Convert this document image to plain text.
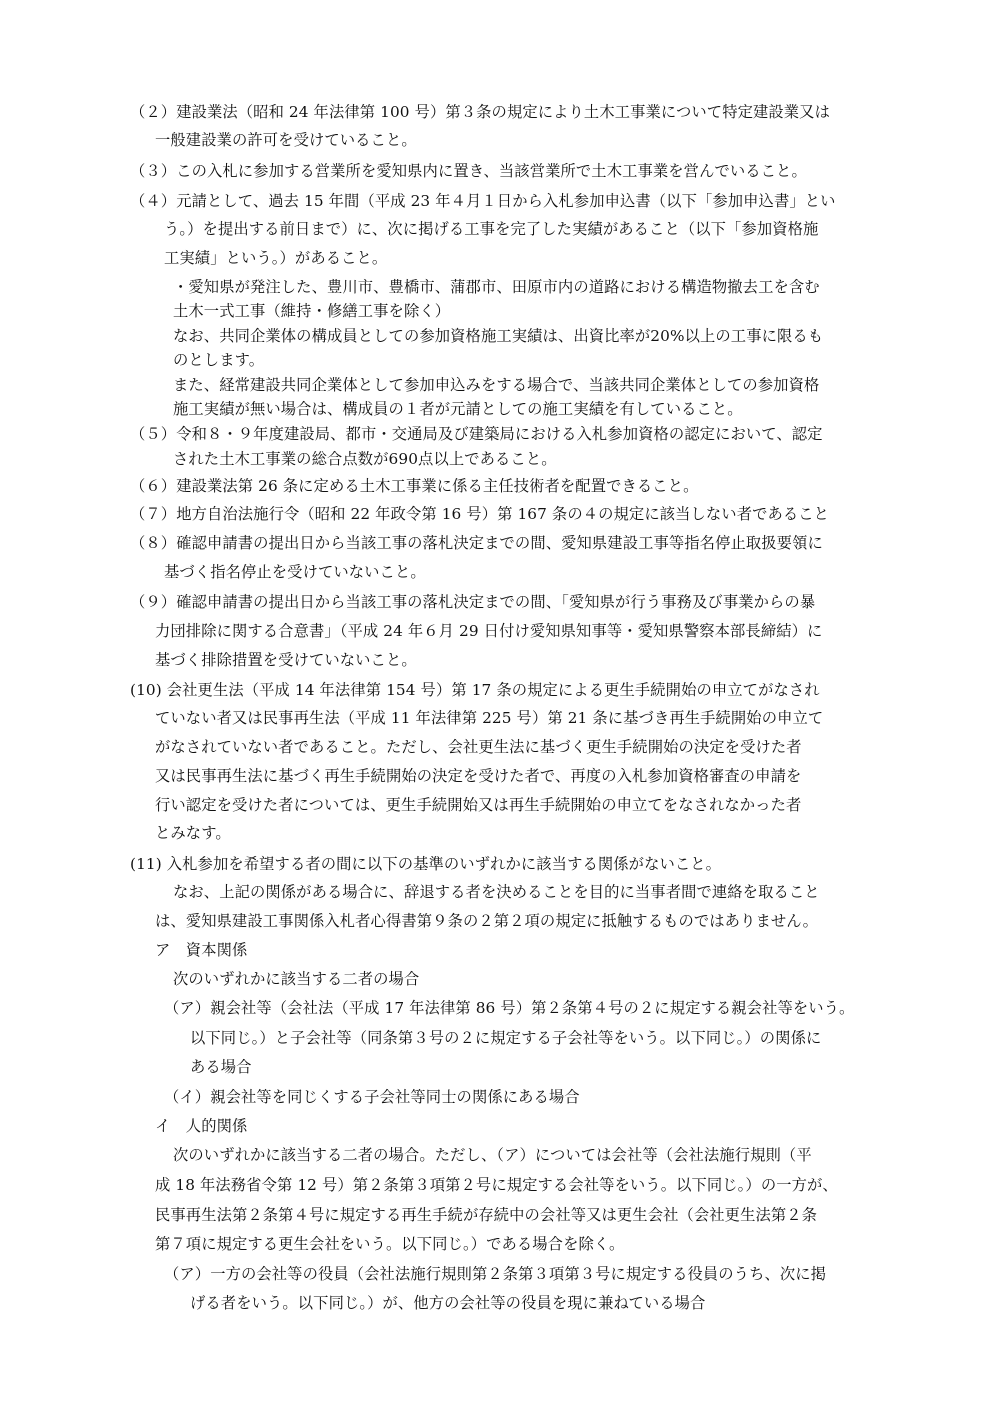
（２）建設業法（昭和 24 年法律第 100 号）第３条の規定により土木工事業について特定建設業又は
一般建設業の許可を受けていること。
（３）この入札に参加する営業所を愛知県内に置き、当該営業所で土木工事業を営んでいること。
（４）元請として、過去 15 年間（平成 23 年４月１日から入札参加申込書（以下「参加申込書」とい
う。）を提出する前日まで）に、次に掲げる工事を完了した実績があること（以下「参加資格施
工実績」という。）があること。
・愛知県が発注した、豊川市、豊橋市、蒲郡市、田原市内の道路における構造物撤去工を含む
土木一式工事（維持・修繕工事を除く）
なお、共同企業体の構成員としての参加資格施工実績は、出資比率が20%以上の工事に限るも
のとします。
また、経常建設共同企業体として参加申込みをする場合で、当該共同企業体としての参加資格
施工実績が無い場合は、構成員の１者が元請としての施工実績を有していること。
（５）令和８・９年度建設局、都市・交通局及び建築局における入札参加資格の認定において、認定
された土木工事業の総合点数が690点以上であること。
（６）建設業法第 26 条に定める土木工事業に係る主任技術者を配置できること。
（７）地方自治法施行令（昭和 22 年政令第 16 号）第 167 条の４の規定に該当しない者であること
（８）確認申請書の提出日から当該工事の落札決定までの間、愛知県建設工事等指名停止取扱要領に
基づく指名停止を受けていないこと。
（９）確認申請書の提出日から当該工事の落札決定までの間、「愛知県が行う事務及び事業からの暴
力団排除に関する合意書」（平成 24 年６月 29 日付け愛知県知事等・愛知県警察本部長締結）に
基づく排除措置を受けていないこと。
(10) 会社更生法（平成 14 年法律第 154 号）第 17 条の規定による更生手続開始の申立てがなされ
ていない者又は民事再生法（平成 11 年法律第 225 号）第 21 条に基づき再生手続開始の申立て
がなされていない者であること。ただし、会社更生法に基づく更生手続開始の決定を受けた者
又は民事再生法に基づく再生手続開始の決定を受けた者で、再度の入札参加資格審査の申請を
行い認定を受けた者については、更生手続開始又は再生手続開始の申立てをなされなかった者
とみなす。
(11) 入札参加を希望する者の間に以下の基準のいずれかに該当する関係がないこと。
なお、上記の関係がある場合に、辞退する者を決めることを目的に当事者間で連絡を取ること
は、愛知県建設工事関係入札者心得書第９条の２第２項の規定に抵触するものではありません。
ア　資本関係
次のいずれかに該当する二者の場合
（ア）親会社等（会社法（平成 17 年法律第 86 号）第２条第４号の２に規定する親会社等をいう。
以下同じ。）と子会社等（同条第３号の２に規定する子会社等をいう。以下同じ。）の関係に
ある場合
（イ）親会社等を同じくする子会社等同士の関係にある場合
イ　人的関係
次のいずれかに該当する二者の場合。ただし、（ア）については会社等（会社法施行規則（平
成 18 年法務省令第 12 号）第２条第３項第２号に規定する会社等をいう。以下同じ。）の一方が、
民事再生法第２条第４号に規定する再生手続が存続中の会社等又は更生会社（会社更生法第２条
第７項に規定する更生会社をいう。以下同じ。）である場合を除く。
（ア）一方の会社等の役員（会社法施行規則第２条第３項第３号に規定する役員のうち、次に掲
げる者をいう。以下同じ。）が、他方の会社等の役員を現に兼ねている場合
